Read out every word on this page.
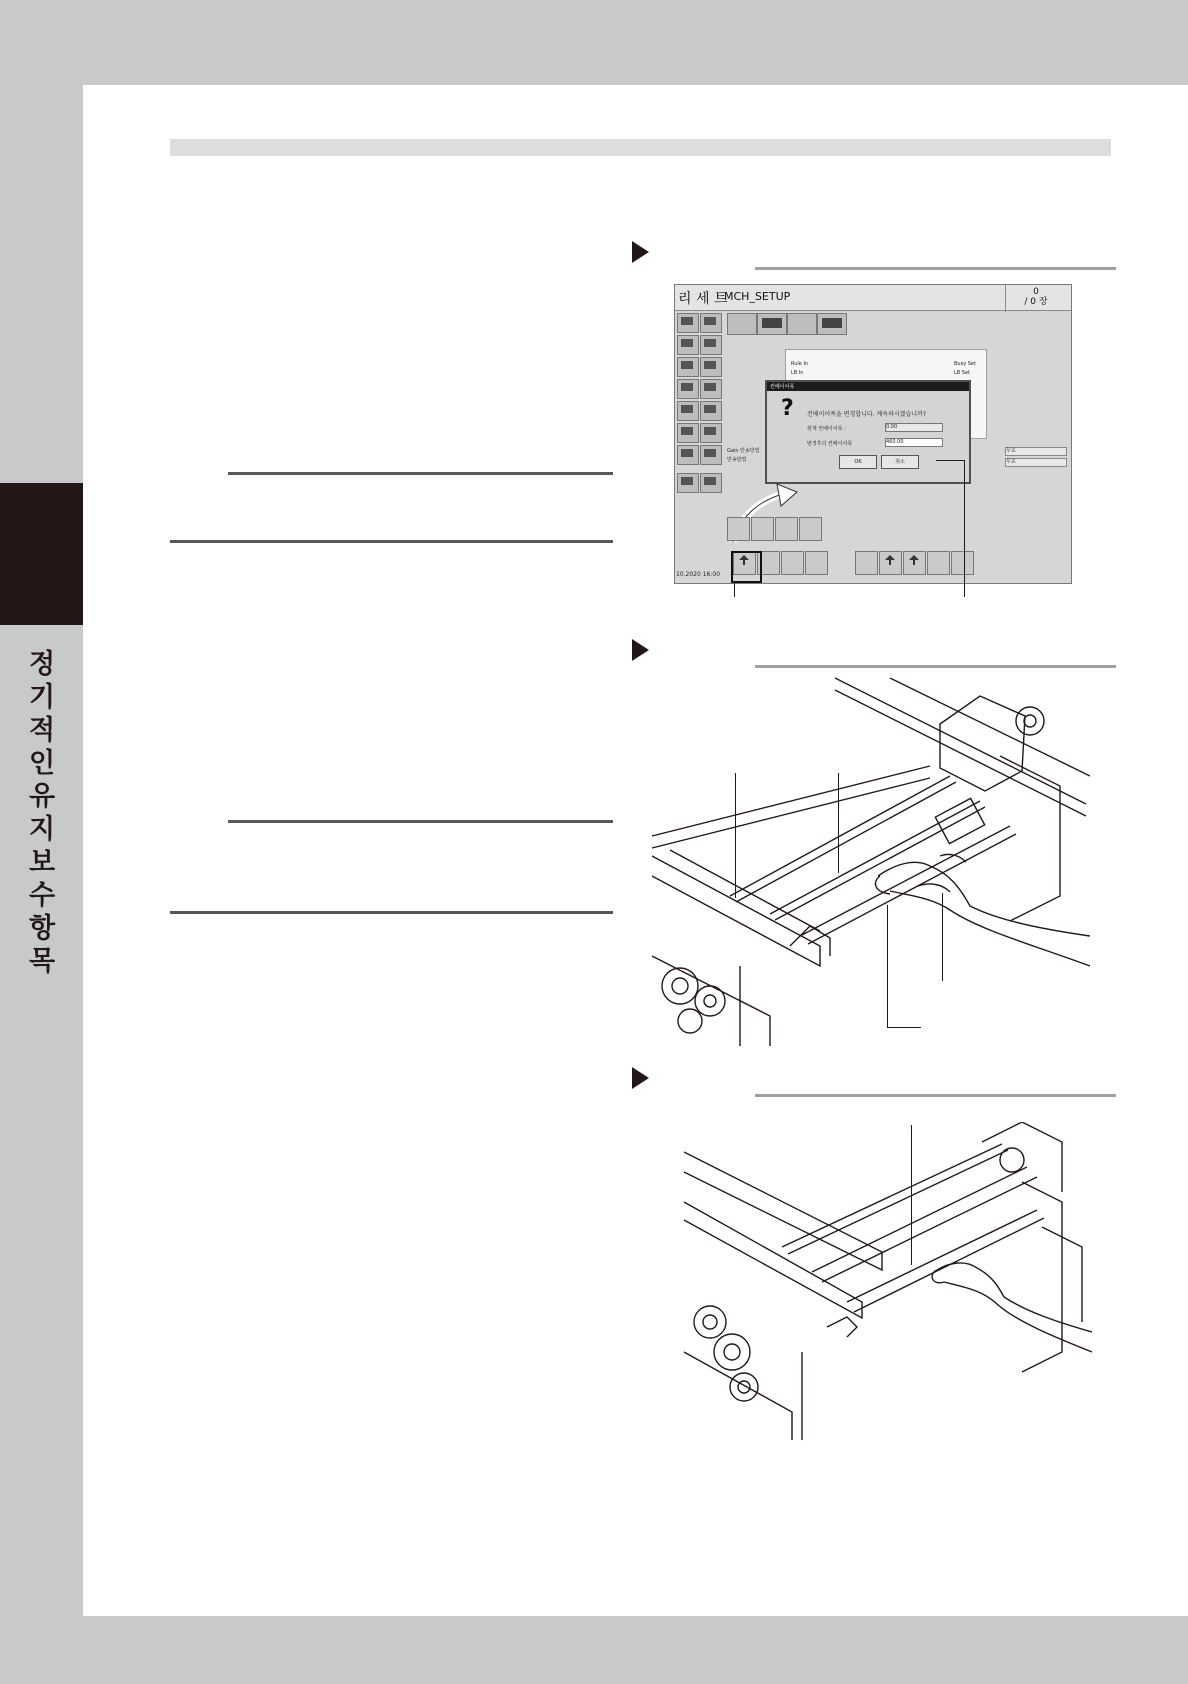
정기적인 유지보수 항목
리 세 트
MCH_SETUP	0
/ 0 장
Rule In
LB In
Busy Set
LB Set
컨베이어폭
? 컨베이어폭을 변경합니다. 계속하시겠습니까?
현재 컨베이어폭 :	0.00
변경후의 컨베이어폭	460.00
OK	취소
Gain 반송방법
반송방법
무효
무효
10.2020 16:00
